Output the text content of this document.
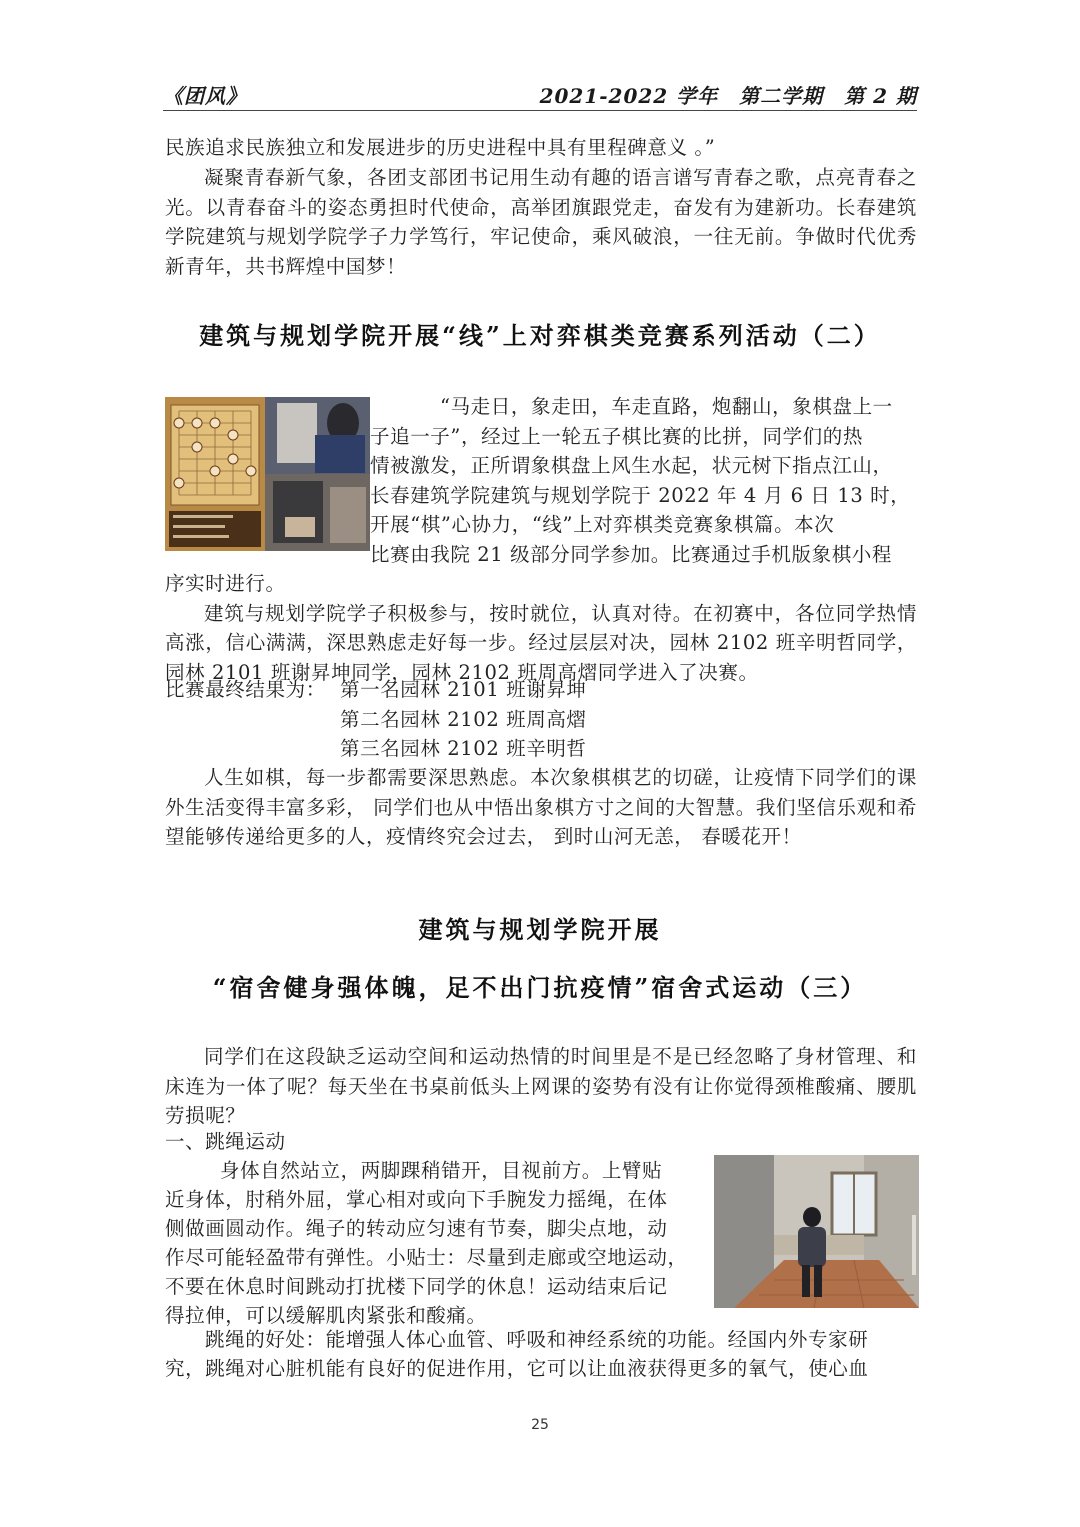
《团风》	2021-2022 学年　第二学期　第 2 期

民族追求民族独立和发展进步的历史进程中具有里程碑意义 。”

凝聚青春新气象，各团支部团书记用生动有趣的语言谱写青春之歌，点亮青春之光。以青春奋斗的姿态勇担时代使命，高举团旗跟党走，奋发有为建新功。长春建筑学院建筑与规划学院学子力学笃行，牢记使命，乘风破浪，一往无前。争做时代优秀新青年，共书辉煌中国梦！

建筑与规划学院开展“线”上对弈棋类竞赛系列活动（二）

“马走日，象走田，车走直路，炮翻山，象棋盘上一

子追一子”，经过上一轮五子棋比赛的比拼，同学们的热

情被激发，正所谓象棋盘上风生水起，状元树下指点江山，

长春建筑学院建筑与规划学院于 2022 年 4 月 6 日 13 时，

开展“棋”心协力，“线”上对弈棋类竞赛象棋篇。本次

比赛由我院 21 级部分同学参加。比赛通过手机版象棋小程

序实时进行。

建筑与规划学院学子积极参与，按时就位，认真对待。在初赛中，各位同学热情高涨，信心满满，深思熟虑走好每一步。经过层层对决，园林 2102 班辛明哲同学，园林 2101 班谢昇坤同学，园林 2102 班周高熠同学进入了决赛。

比赛最终结果为： 第一名园林 2101 班谢昇坤

第二名园林 2102 班周高熠

第三名园林 2102 班辛明哲

人生如棋，每一步都需要深思熟虑。本次象棋棋艺的切磋，让疫情下同学们的课外生活变得丰富多彩， 同学们也从中悟出象棋方寸之间的大智慧。我们坚信乐观和希望能够传递给更多的人，疫情终究会过去， 到时山河无恙， 春暖花开！

建筑与规划学院开展
“宿舍健身强体魄，足不出门抗疫情”宿舍式运动（三）

同学们在这段缺乏运动空间和运动热情的时间里是不是已经忽略了身材管理、和床连为一体了呢？每天坐在书桌前低头上网课的姿势有没有让你觉得颈椎酸痛、腰肌劳损呢？

一、跳绳运动

身体自然站立，两脚踝稍错开，目视前方。上臂贴

近身体，肘稍外屈，掌心相对或向下手腕发力摇绳，在体

侧做画圆动作。绳子的转动应匀速有节奏，脚尖点地，动

作尽可能轻盈带有弹性。小贴士：尽量到走廊或空地运动，

不要在休息时间跳动打扰楼下同学的休息！运动结束后记

得拉伸，可以缓解肌肉紧张和酸痛。

跳绳的好处：能增强人体心血管、呼吸和神经系统的功能。经国内外专家研

究，跳绳对心脏机能有良好的促进作用，它可以让血液获得更多的氧气，使心血

25
